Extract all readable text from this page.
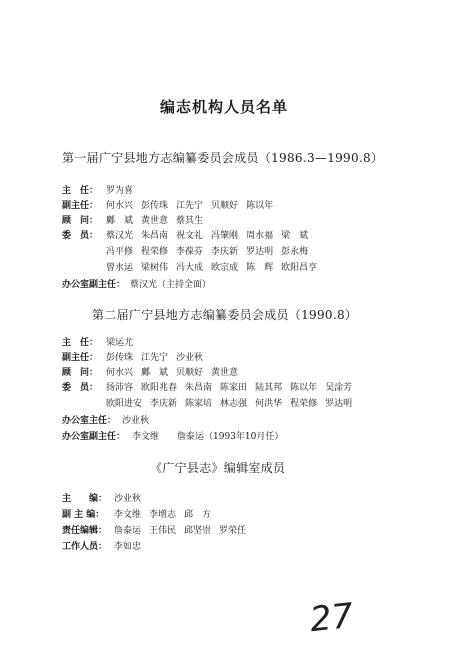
编志机构人员名单
第一届广宁县地方志编纂委员会成员（1986.3—1990.8）
主　任： 罗为喜
副主任： 何水兴 彭传珠 江先宁 贝顺好 陈以年
顾　问： 鄺　斌 黄世意 蔡其生
委　员： 蔡汉光 朱昌南 祝文礼 冯肇刚 周水福 梁　斌
冯平修 程荣修 李葆芬 李庆新 罗达明 彭永梅
曾水运 梁树伟 冯大成 欧宗成 陈　辉 欧阳昌亨
办公室副主任： 蔡汉光（主持全面）
第二届广宁县地方志编纂委员会成员（1990.8）
主　任： 梁运尤
副主任： 彭传珠 江先宁 沙业秋
顾　问： 何水兴 鄺　斌 贝顺好 黄世意
委　员： 扬沛容 欧阳兆春 朱昌南 陈家田 陆其邦 陈以年 吴涂芳
欧阳进安 李庆新 陈家培 林志强 何洪华 程荣修 罗达明
办公室主任： 沙业秋
办公室副主任： 李文维　　詹泰运（1993年10月任）
《广宁县志》编辑室成员
主　　编： 沙业秋
副 主 编： 李文维 李增志 邱　方
责任编辑： 詹泰运 王伟民 邱坚崇 罗荣任
工作人员： 李如忠
27
